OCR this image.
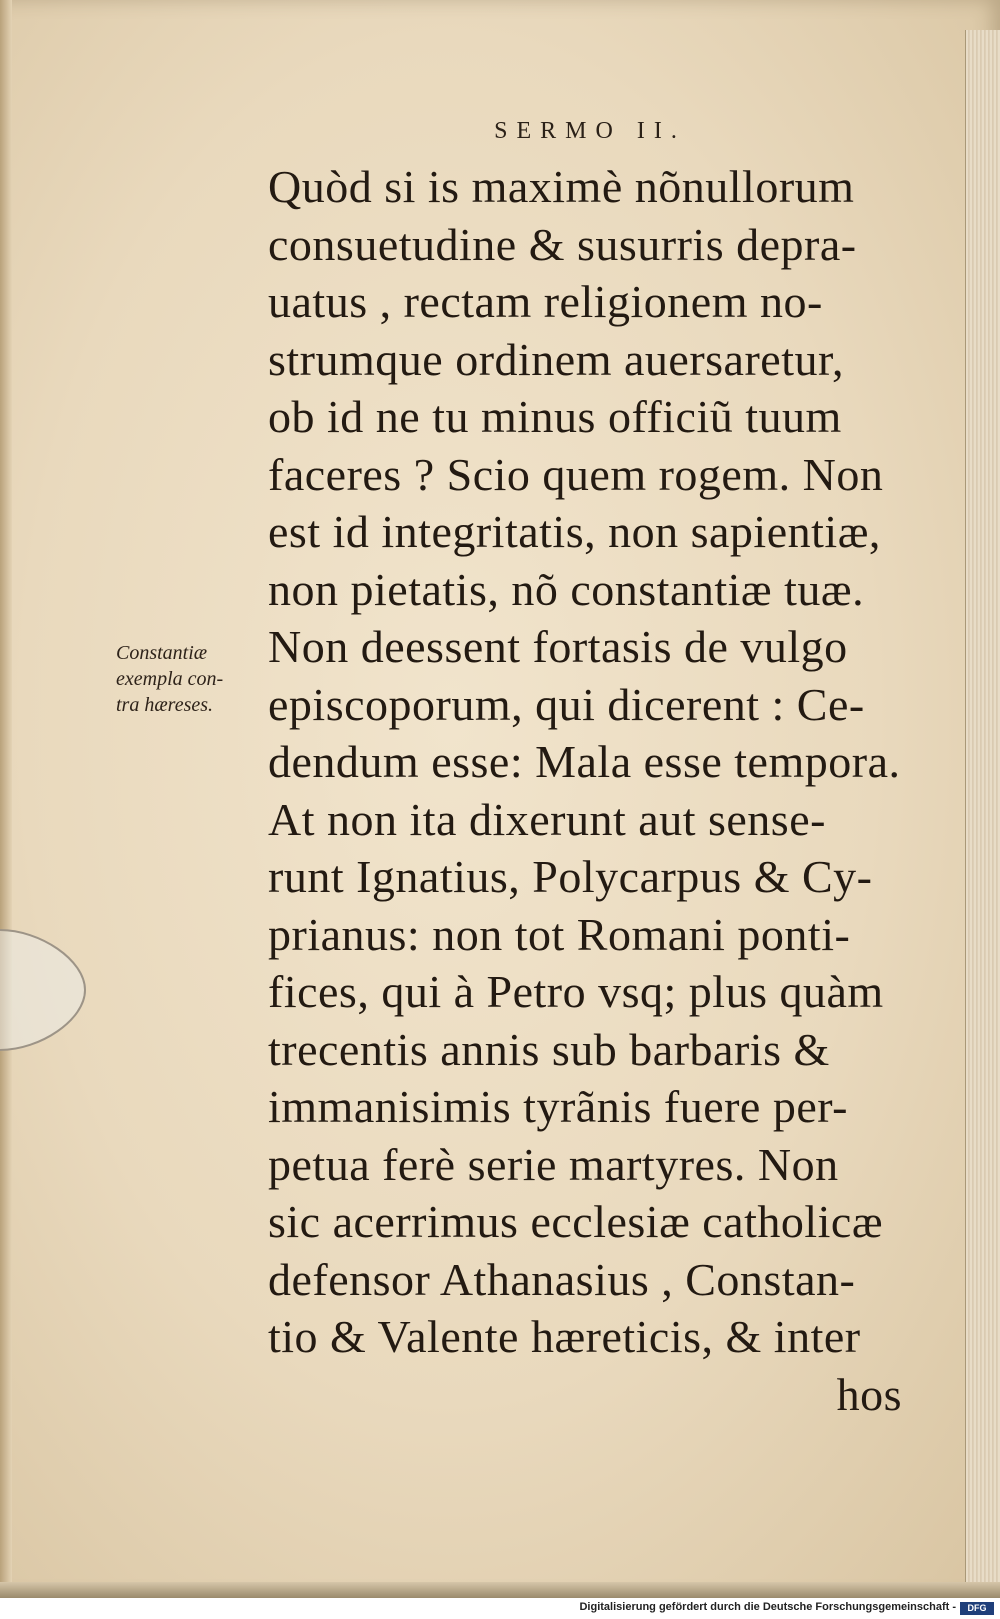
SERMO II.
Constantiæ
exempla con-
tra hæreses.
Quòd si is maximè nõnullorum
consuetudine & susurris depra-
uatus , rectam religionem no-
strumque ordinem auersaretur,
ob id ne tu minus officiũ tuum
faceres ? Scio quem rogem. Non
est id integritatis, non sapientiæ,
non pietatis, nõ constantiæ tuæ.
Non deessent fortasis de vulgo
episcoporum, qui dicerent : Ce-
dendum esse: Mala esse tempora.
At non ita dixerunt aut sense-
runt Ignatius, Polycarpus & Cy-
prianus: non tot Romani ponti-
fices, qui à Petro vsq; plus quàm
trecentis annis sub barbaris &
immanisimis tyrãnis fuere per-
petua ferè serie martyres. Non
sic acerrimus ecclesiæ catholicæ
defensor Athanasius , Constan-
tio & Valente hæreticis, & inter
hos
Digitalisierung gefördert durch die Deutsche Forschungsgemeinschaft -	DFG
